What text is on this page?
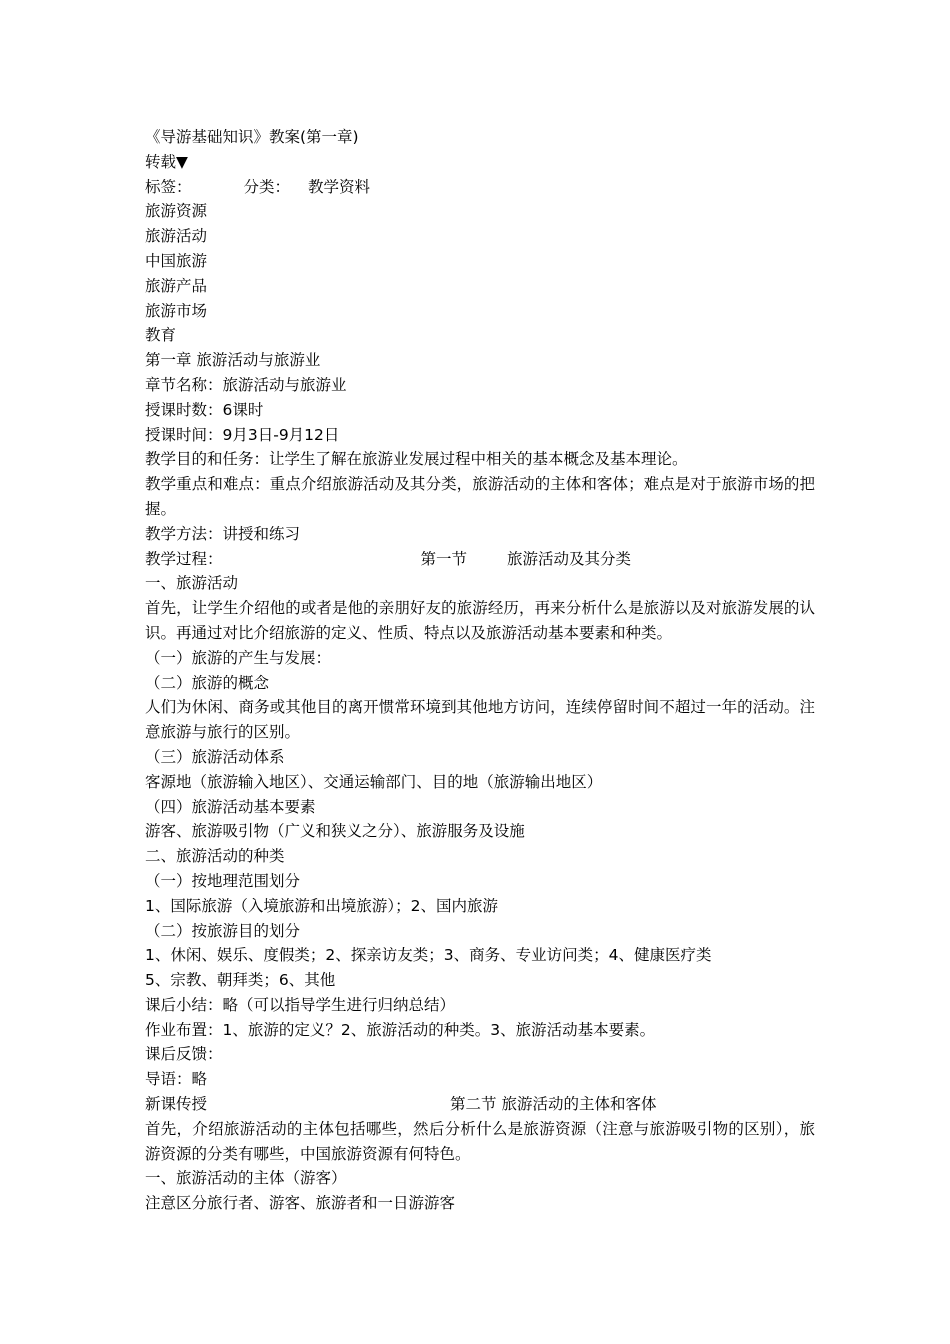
《导游基础知识》教案(第一章)

转载▼

标签：	分类： 教学资料

旅游资源

旅游活动

中国旅游

旅游产品

旅游市场

教育

第一章 旅游活动与旅游业

章节名称：旅游活动与旅游业

授课时数：6课时

授课时间：9月3日-9月12日

教学目的和任务：让学生了解在旅游业发展过程中相关的基本概念及基本理论。

教学重点和难点：重点介绍旅游活动及其分类，旅游活动的主体和客体；难点是对于旅游市场的把握。

教学方法：讲授和练习

教学过程：	第一节	旅游活动及其分类

一、旅游活动

首先，让学生介绍他的或者是他的亲朋好友的旅游经历，再来分析什么是旅游以及对旅游发展的认识。再通过对比介绍旅游的定义、性质、特点以及旅游活动基本要素和种类。

（一）旅游的产生与发展：

（二）旅游的概念

人们为休闲、商务或其他目的离开惯常环境到其他地方访问，连续停留时间不超过一年的活动。注意旅游与旅行的区别。

（三）旅游活动体系

客源地（旅游输入地区）、交通运输部门、目的地（旅游输出地区）

（四）旅游活动基本要素

游客、旅游吸引物（广义和狭义之分）、旅游服务及设施

二、旅游活动的种类

（一）按地理范围划分

1、国际旅游（入境旅游和出境旅游）；2、国内旅游

（二）按旅游目的划分

1、休闲、娱乐、度假类；2、探亲访友类；3、商务、专业访问类；4、健康医疗类

5、宗教、朝拜类；6、其他

课后小结：略（可以指导学生进行归纳总结）

作业布置：1、旅游的定义？2、旅游活动的种类。3、旅游活动基本要素。

课后反馈：

导语：略

新课传授	第二节 旅游活动的主体和客体

首先，介绍旅游活动的主体包括哪些，然后分析什么是旅游资源（注意与旅游吸引物的区别），旅游资源的分类有哪些，中国旅游资源有何特色。

一、旅游活动的主体（游客）

注意区分旅行者、游客、旅游者和一日游游客
